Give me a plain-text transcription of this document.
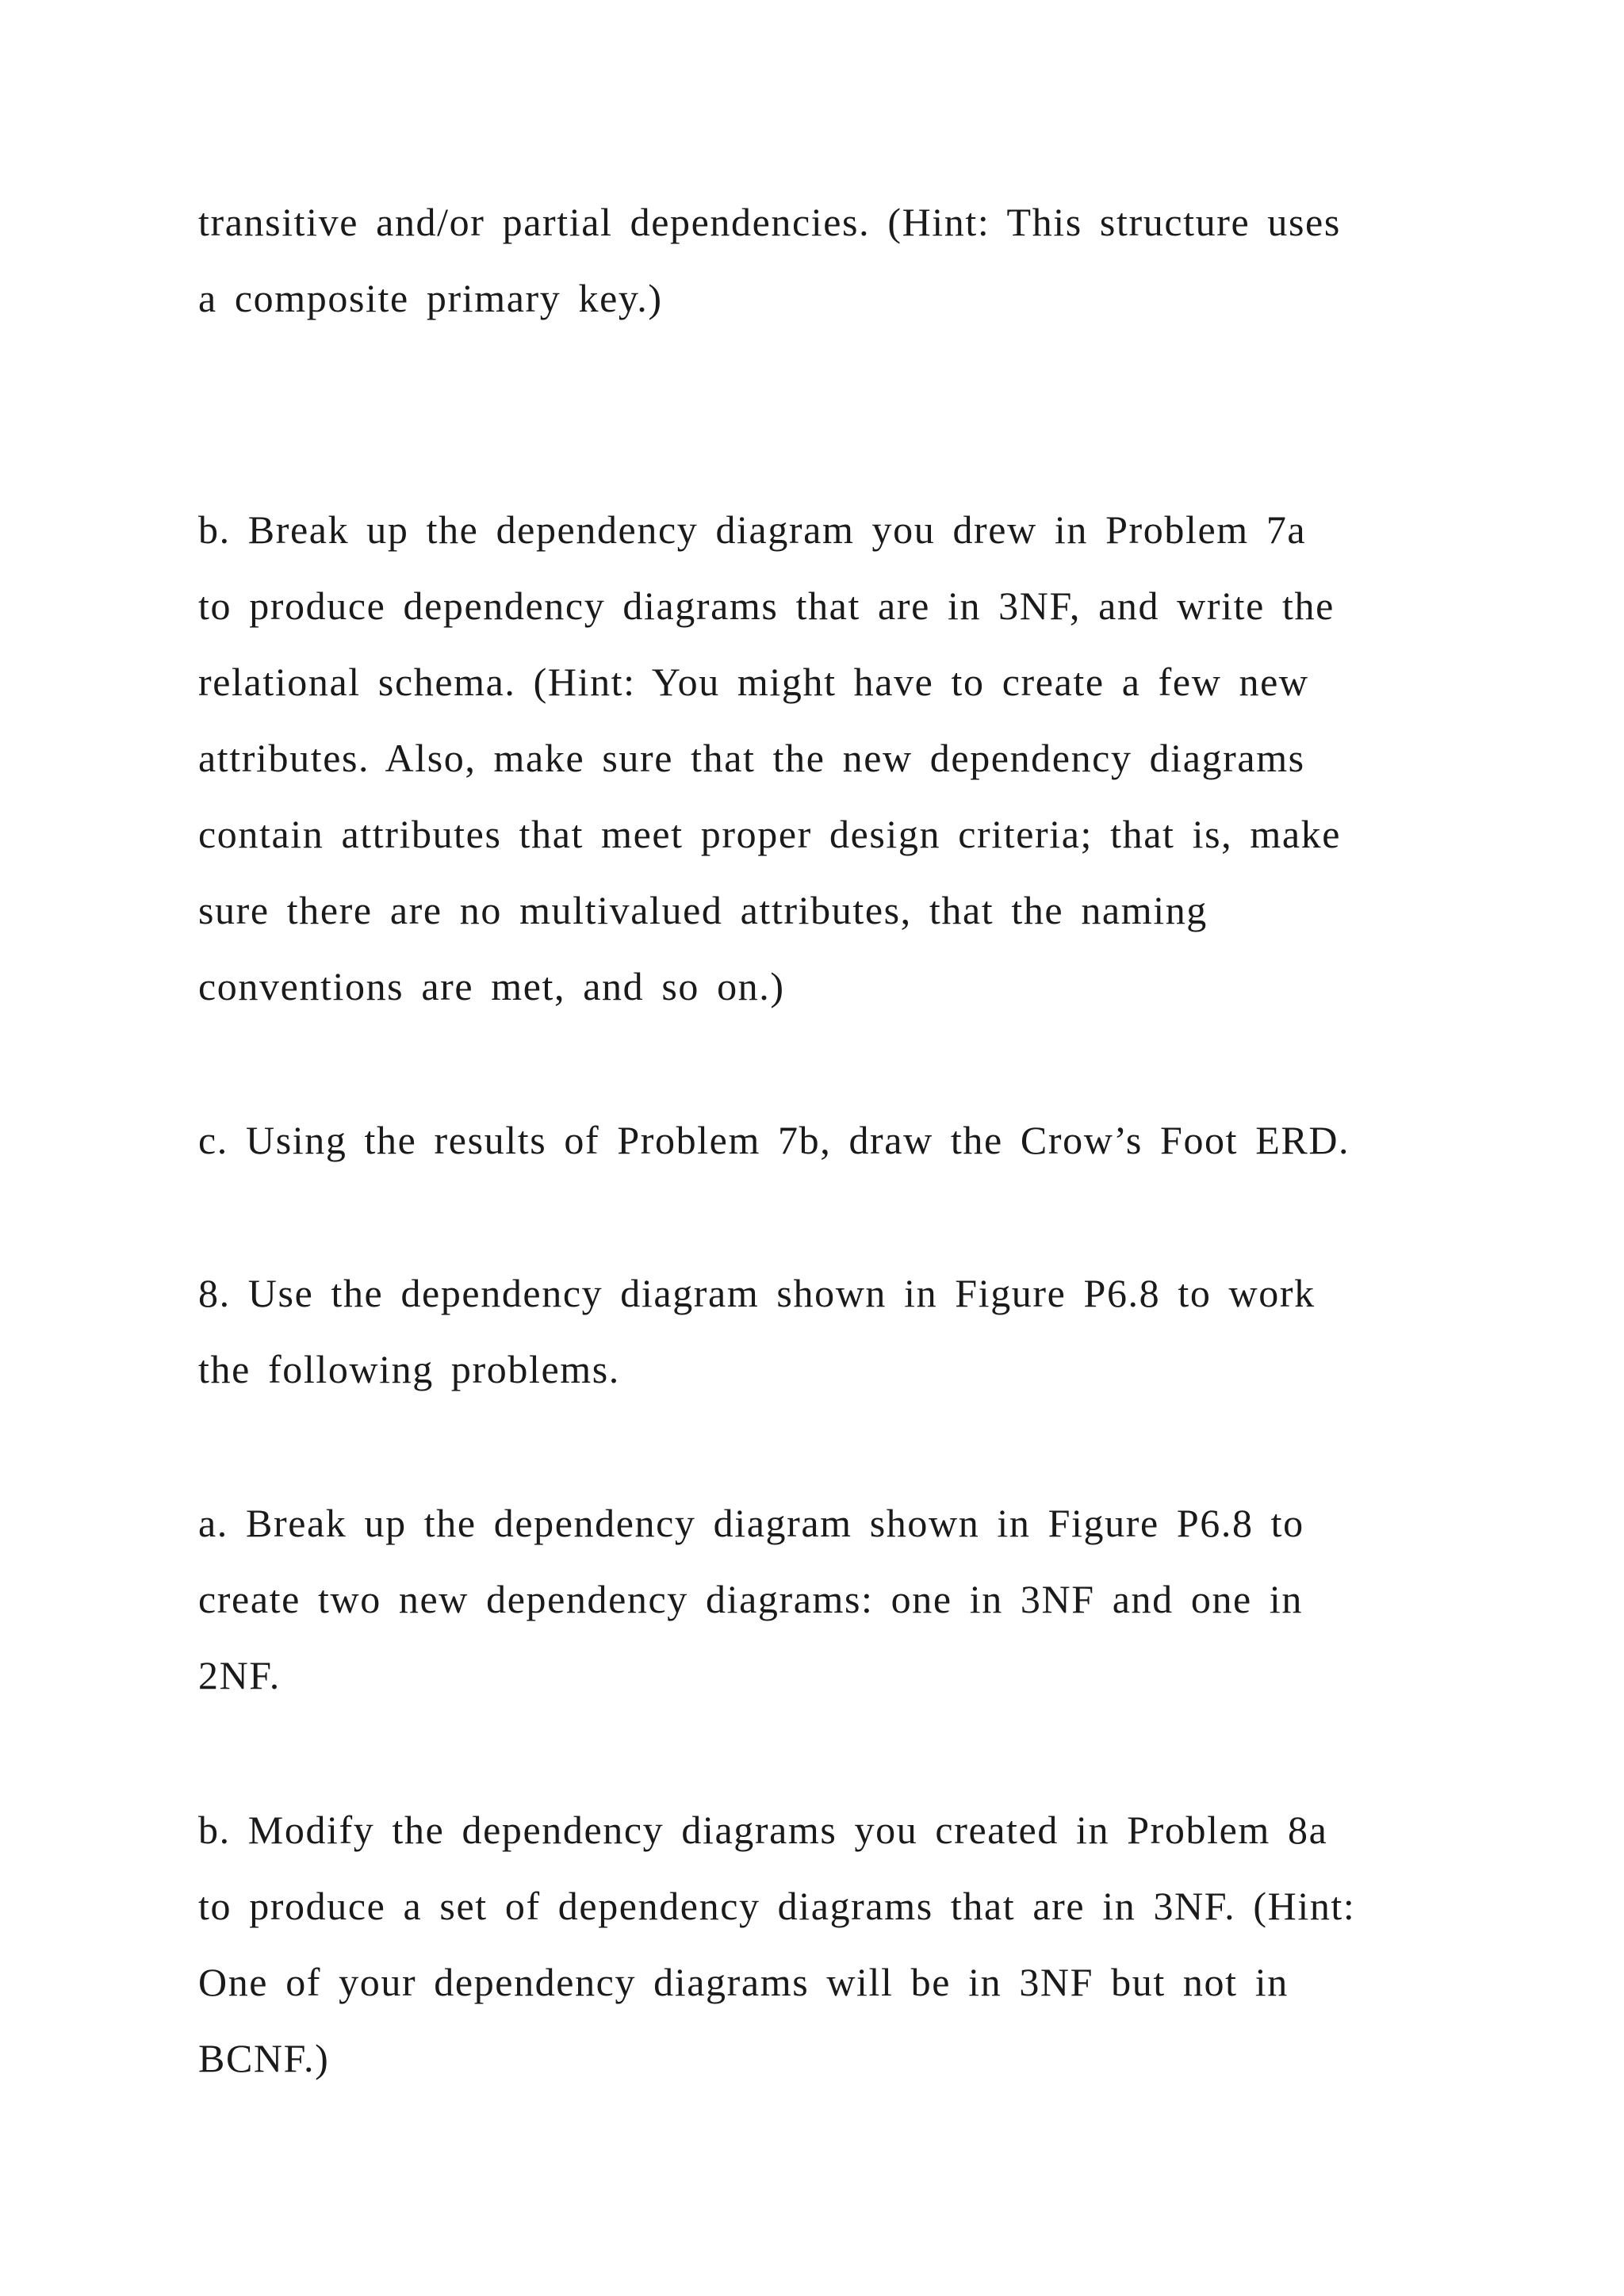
transitive and/or partial dependencies. (Hint: This structure uses
a composite primary key.)
b. Break up the dependency diagram you drew in Problem 7a
to produce dependency diagrams that are in 3NF, and write the
relational schema. (Hint: You might have to create a few new
attributes. Also, make sure that the new dependency diagrams
contain attributes that meet proper design criteria; that is, make
sure there are no multivalued attributes, that the naming
conventions are met, and so on.)
c. Using the results of Problem 7b, draw the Crow’s Foot ERD.
8. Use the dependency diagram shown in Figure P6.8 to work
the following problems.
a. Break up the dependency diagram shown in Figure P6.8 to
create two new dependency diagrams: one in 3NF and one in
2NF.
b. Modify the dependency diagrams you created in Problem 8a
to produce a set of dependency diagrams that are in 3NF. (Hint:
One of your dependency diagrams will be in 3NF but not in
BCNF.)
